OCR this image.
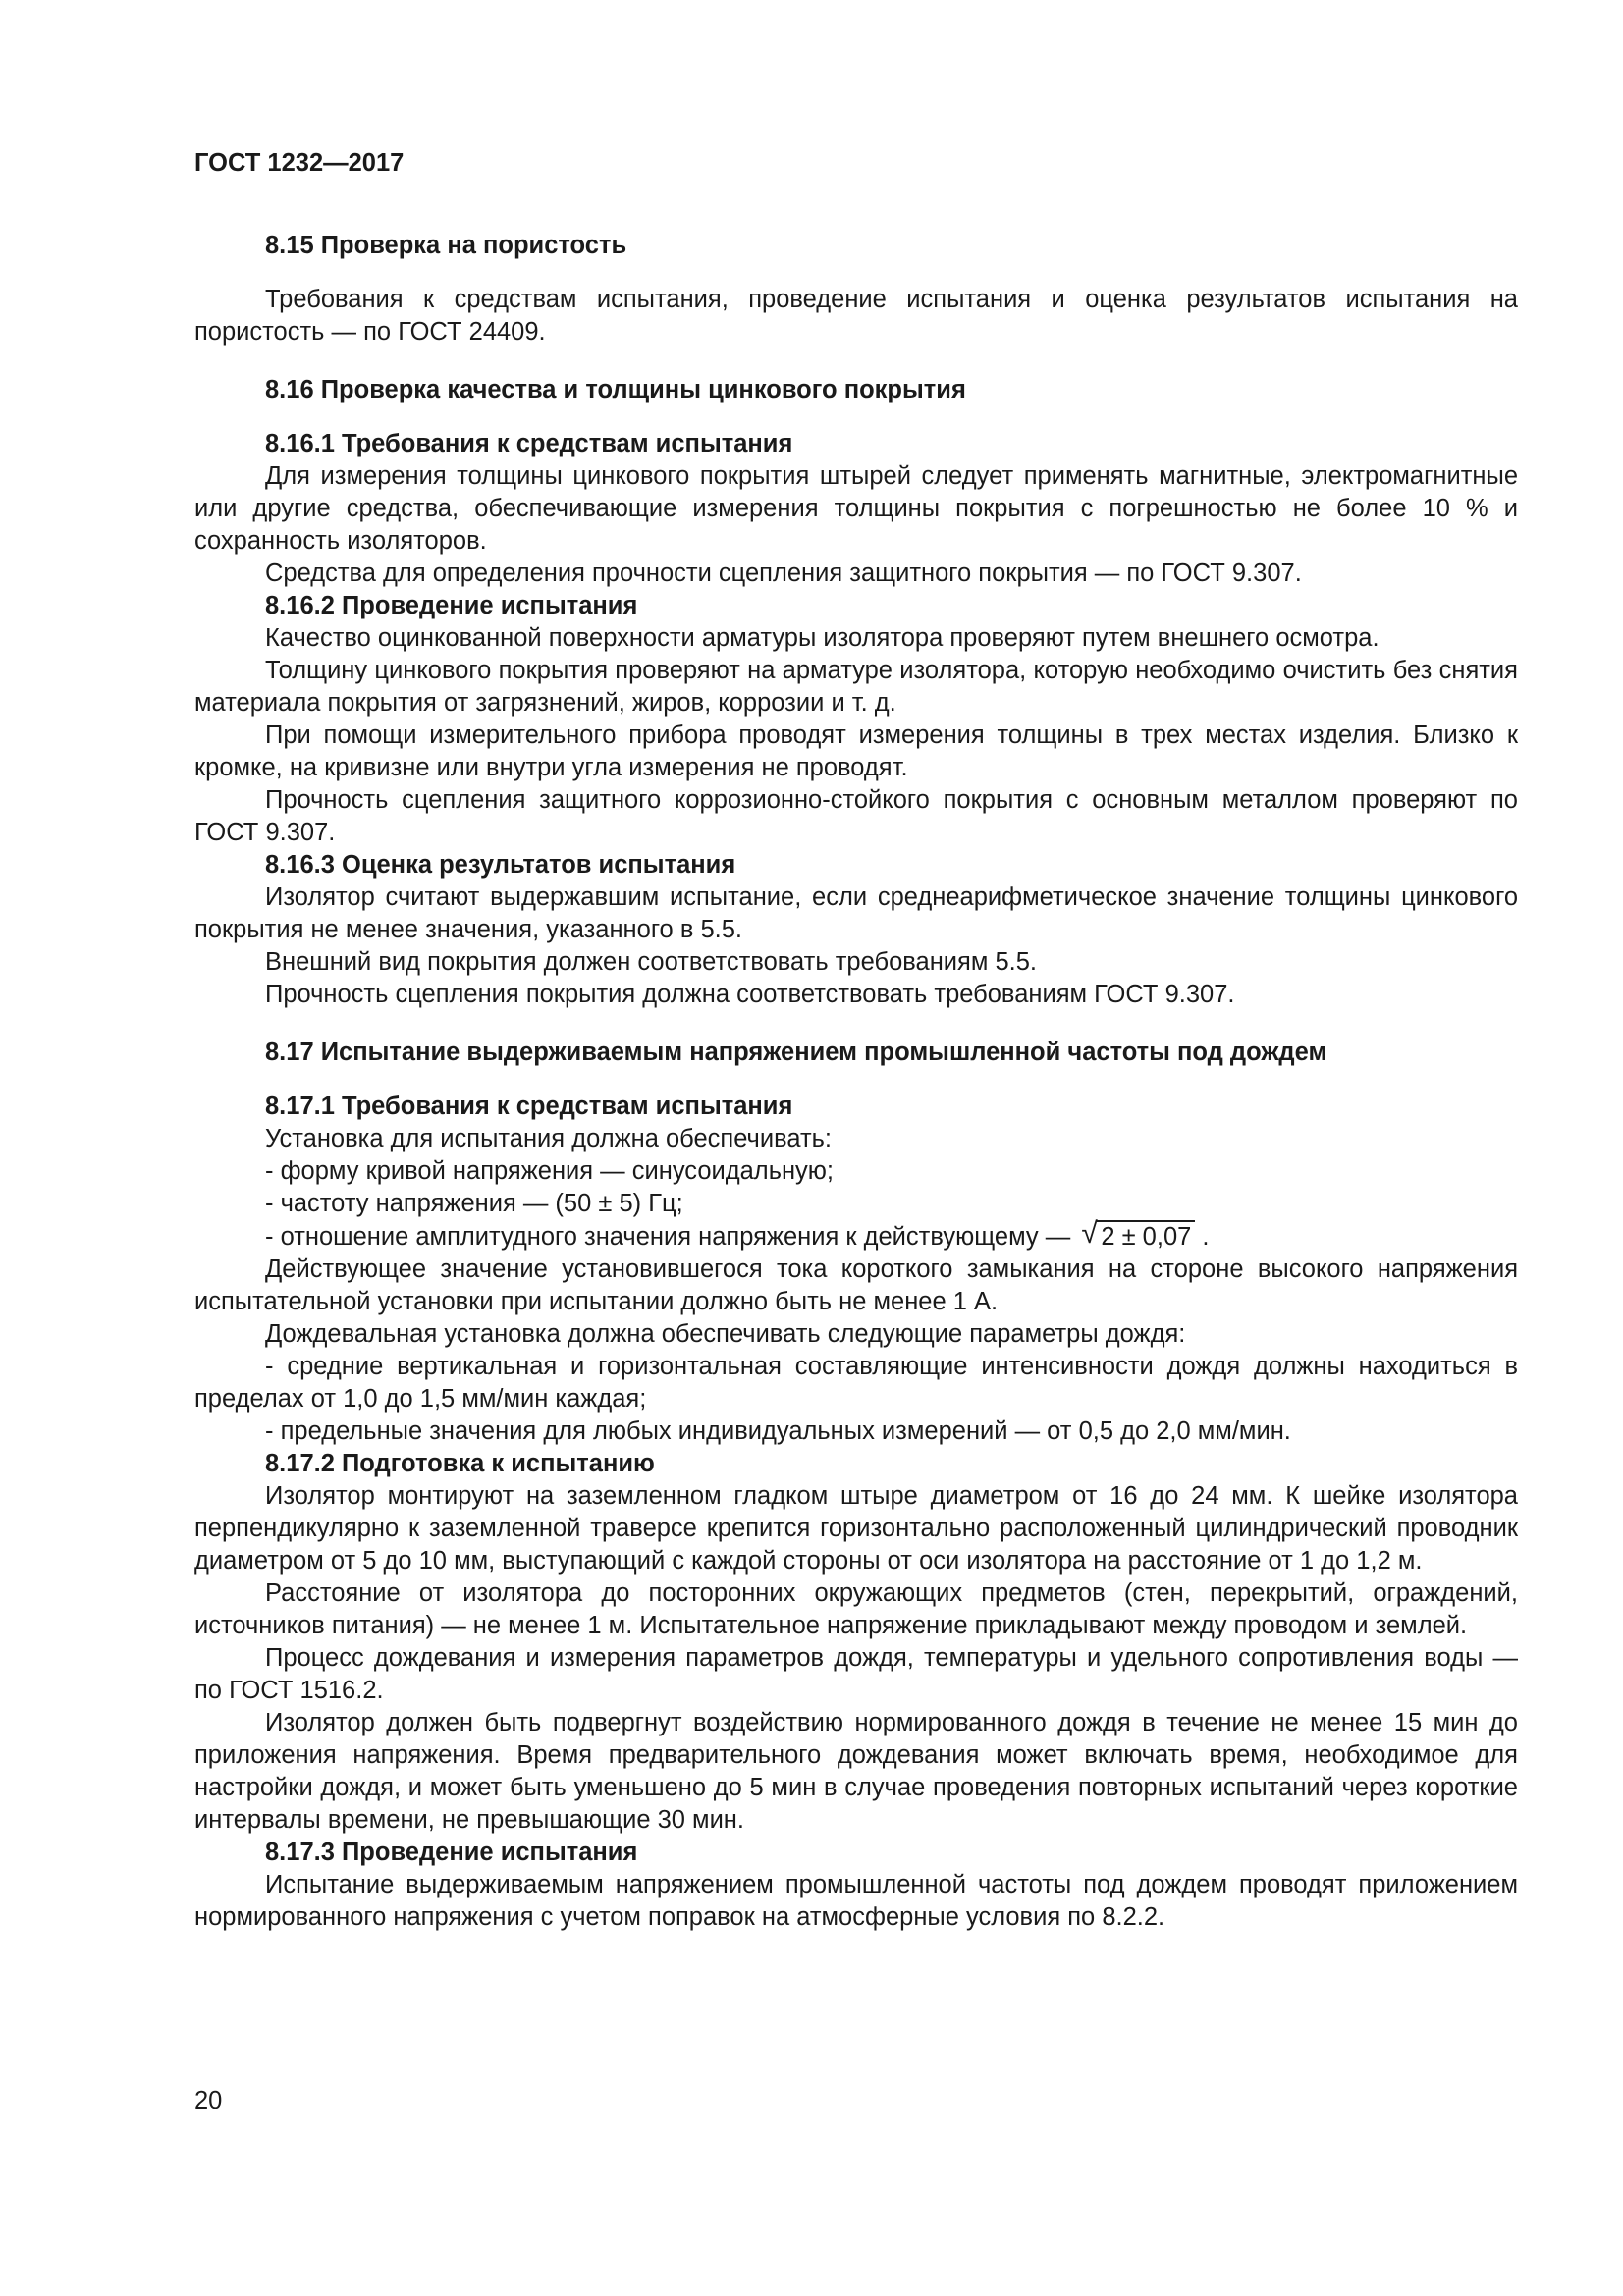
ГОСТ 1232—2017

8.15 Проверка на пористость

Требования к средствам испытания, проведение испытания и оценка результатов испытания на пористость — по ГОСТ 24409.

8.16 Проверка качества и толщины цинкового покрытия

8.16.1 Требования к средствам испытания

Для измерения толщины цинкового покрытия штырей следует применять магнитные, электромагнитные или другие средства, обеспечивающие измерения толщины покрытия с погрешностью не более 10 % и сохранность изоляторов.

Средства для определения прочности сцепления защитного покрытия — по ГОСТ 9.307.

8.16.2 Проведение испытания

Качество оцинкованной поверхности арматуры изолятора проверяют путем внешнего осмотра.

Толщину цинкового покрытия проверяют на арматуре изолятора, которую необходимо очистить без снятия материала покрытия от загрязнений, жиров, коррозии и т. д.

При помощи измерительного прибора проводят измерения толщины в трех местах изделия. Близко к кромке, на кривизне или внутри угла измерения не проводят.

Прочность сцепления защитного коррозионно-стойкого покрытия с основным металлом проверяют по ГОСТ 9.307.

8.16.3 Оценка результатов испытания

Изолятор считают выдержавшим испытание, если среднеарифметическое значение толщины цинкового покрытия не менее значения, указанного в 5.5.

Внешний вид покрытия должен соответствовать требованиям 5.5.

Прочность сцепления покрытия должна соответствовать требованиям ГОСТ 9.307.

8.17 Испытание выдерживаемым напряжением промышленной частоты под дождем

8.17.1 Требования к средствам испытания

Установка для испытания должна обеспечивать:

- форму кривой напряжения — синусоидальную;

- частоту напряжения — (50 ± 5) Гц;

- отношение амплитудного значения напряжения к действующему — √ 2 ± 0,07 .

Действующее значение установившегося тока короткого замыкания на стороне высокого напряжения испытательной установки при испытании должно быть не менее 1 А.

Дождевальная установка должна обеспечивать следующие параметры дождя:

- средние вертикальная и горизонтальная составляющие интенсивности дождя должны находиться в пределах от 1,0 до 1,5 мм/мин каждая;

- предельные значения для любых индивидуальных измерений — от 0,5 до 2,0 мм/мин.

8.17.2 Подготовка к испытанию

Изолятор монтируют на заземленном гладком штыре диаметром от 16 до 24 мм. К шейке изолятора перпендикулярно к заземленной траверсе крепится горизонтально расположенный цилиндрический проводник диаметром от 5 до 10 мм, выступающий с каждой стороны от оси изолятора на расстояние от 1 до 1,2 м.

Расстояние от изолятора до посторонних окружающих предметов (стен, перекрытий, ограждений, источников питания) — не менее 1 м. Испытательное напряжение прикладывают между проводом и землей.

Процесс дождевания и измерения параметров дождя, температуры и удельного сопротивления воды — по ГОСТ 1516.2.

Изолятор должен быть подвергнут воздействию нормированного дождя в течение не менее 15 мин до приложения напряжения. Время предварительного дождевания может включать время, необходимое для настройки дождя, и может быть уменьшено до 5 мин в случае проведения повторных испытаний через короткие интервалы времени, не превышающие 30 мин.

8.17.3 Проведение испытания

Испытание выдерживаемым напряжением промышленной частоты под дождем проводят приложением нормированного напряжения с учетом поправок на атмосферные условия по 8.2.2.

20
